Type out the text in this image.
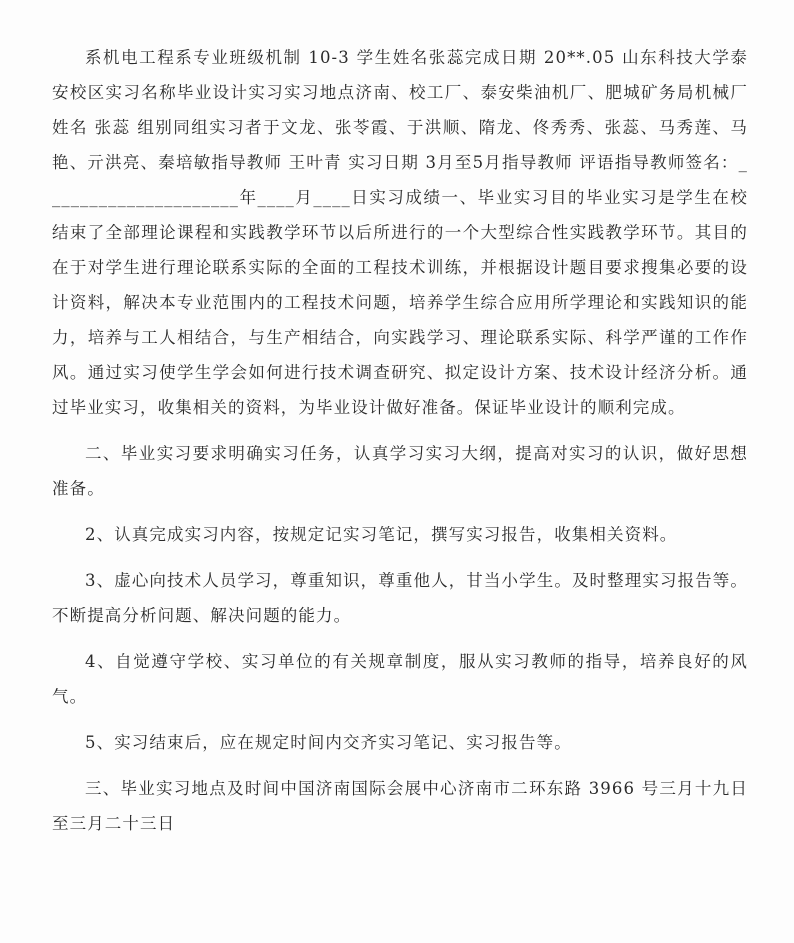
系机电工程系专业班级机制 10-3 学生姓名张蕊完成日期 20**.05 山东科技大学泰安校区实习名称毕业设计实习实习地点济南、校工厂、泰安柴油机厂、肥城矿务局机械厂姓名 张蕊 组别同组实习者于文龙、张苓霞、于洪顺、隋龙、佟秀秀、张蕊、马秀莲、马艳、亓洪亮、秦培敏指导教师 王叶青 实习日期 3月至5月指导教师 评语指导教师签名：_____________________年____月____日实习成绩一、毕业实习目的毕业实习是学生在校结束了全部理论课程和实践教学环节以后所进行的一个大型综合性实践教学环节。其目的在于对学生进行理论联系实际的全面的工程技术训练，并根据设计题目要求搜集必要的设计资料，解决本专业范围内的工程技术问题，培养学生综合应用所学理论和实践知识的能力，培养与工人相结合，与生产相结合，向实践学习、理论联系实际、科学严谨的工作作风。通过实习使学生学会如何进行技术调查研究、拟定设计方案、技术设计经济分析。通过毕业实习，收集相关的资料，为毕业设计做好准备。保证毕业设计的顺利完成。

二、毕业实习要求明确实习任务，认真学习实习大纲，提高对实习的认识，做好思想准备。

2、认真完成实习内容，按规定记实习笔记，撰写实习报告，收集相关资料。

3、虚心向技术人员学习，尊重知识，尊重他人，甘当小学生。及时整理实习报告等。不断提高分析问题、解决问题的能力。

4、自觉遵守学校、实习单位的有关规章制度，服从实习教师的指导，培养良好的风气。

5、实习结束后，应在规定时间内交齐实习笔记、实习报告等。

三、毕业实习地点及时间中国济南国际会展中心济南市二环东路 3966 号三月十九日至三月二十三日
